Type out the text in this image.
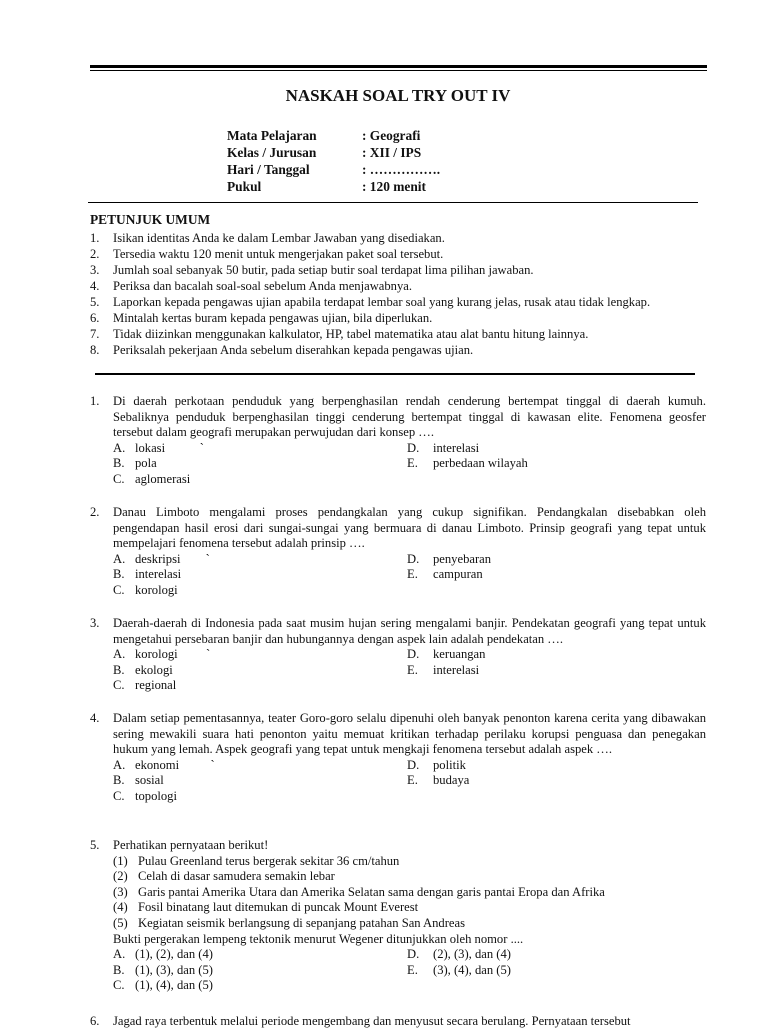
NASKAH SOAL TRY OUT IV
Mata Pelajaran	: Geografi
Kelas / Jurusan	: XII / IPS
Hari / Tanggal	: …………….
Pukul	: 120 menit
PETUNJUK UMUM
1.	Isikan identitas Anda ke dalam Lembar Jawaban yang disediakan.
2.	Tersedia waktu 120 menit untuk mengerjakan paket soal tersebut.
3.	Jumlah soal sebanyak 50 butir, pada setiap butir soal terdapat lima pilihan jawaban.
4.	Periksa dan bacalah soal-soal sebelum Anda menjawabnya.
5.	Laporkan kepada pengawas ujian apabila terdapat lembar soal yang kurang jelas, rusak atau tidak lengkap.
6.	Mintalah kertas buram kepada pengawas ujian, bila diperlukan.
7.	Tidak diizinkan menggunakan kalkulator, HP, tabel matematika atau alat bantu hitung lainnya.
8.	Periksalah pekerjaan Anda sebelum diserahkan kepada pengawas ujian.
1.	Di daerah perkotaan penduduk yang berpenghasilan rendah cenderung bertempat tinggal di daerah kumuh. Sebaliknya penduduk berpenghasilan tinggi cenderung bertempat tinggal di kawasan elite. Fenomena geosfer tersebut dalam geografi merupakan perwujudan dari konsep ….
A. lokasi           `
B. pola
C. aglomerasi
D.	interelasi
E.	perbedaan wilayah
2.	Danau Limboto mengalami proses pendangkalan yang cukup signifikan. Pendangkalan disebabkan oleh pengendapan hasil erosi dari sungai-sungai yang bermuara di danau Limboto. Prinsip geografi yang tepat untuk mempelajari fenomena tersebut adalah prinsip ….
A. deskripsi        `
B. interelasi
C. korologi
D.	penyebaran
E.	campuran
3.	Daerah-daerah di Indonesia pada saat musim hujan sering mengalami banjir. Pendekatan geografi yang tepat untuk mengetahui persebaran banjir dan hubungannya dengan aspek lain adalah pendekatan ….
A. korologi         `
B. ekologi
C. regional
D.	keruangan
E.	interelasi
4.	Dalam setiap pementasannya, teater Goro-goro selalu dipenuhi oleh banyak penonton karena cerita yang dibawakan sering mewakili suara hati penonton yaitu memuat kritikan terhadap perilaku korupsi penguasa dan penegakan hukum yang lemah. Aspek geografi yang tepat untuk mengkaji fenomena tersebut adalah aspek ….
A. ekonomi          `
B. sosial
C. topologi
D.	politik
E.	budaya
5.	Perhatikan pernyataan berikut!
(1) Pulau Greenland terus bergerak sekitar 36 cm/tahun
(2) Celah di dasar samudera semakin lebar
(3) Garis pantai Amerika Utara dan Amerika Selatan sama dengan garis pantai Eropa dan Afrika
(4) Fosil binatang laut ditemukan di puncak Mount Everest
(5) Kegiatan seismik berlangsung di sepanjang patahan San Andreas
Bukti pergerakan lempeng tektonik menurut Wegener ditunjukkan oleh nomor ....
A. (1), (2), dan (4)
B. (1), (3), dan (5)
C. (1), (4), dan (5)
D.	(2), (3), dan (4)
E.	(3), (4), dan (5)
6.	Jagad raya terbentuk melalui periode mengembang dan menyusut secara berulang. Pernyataan tersebut
